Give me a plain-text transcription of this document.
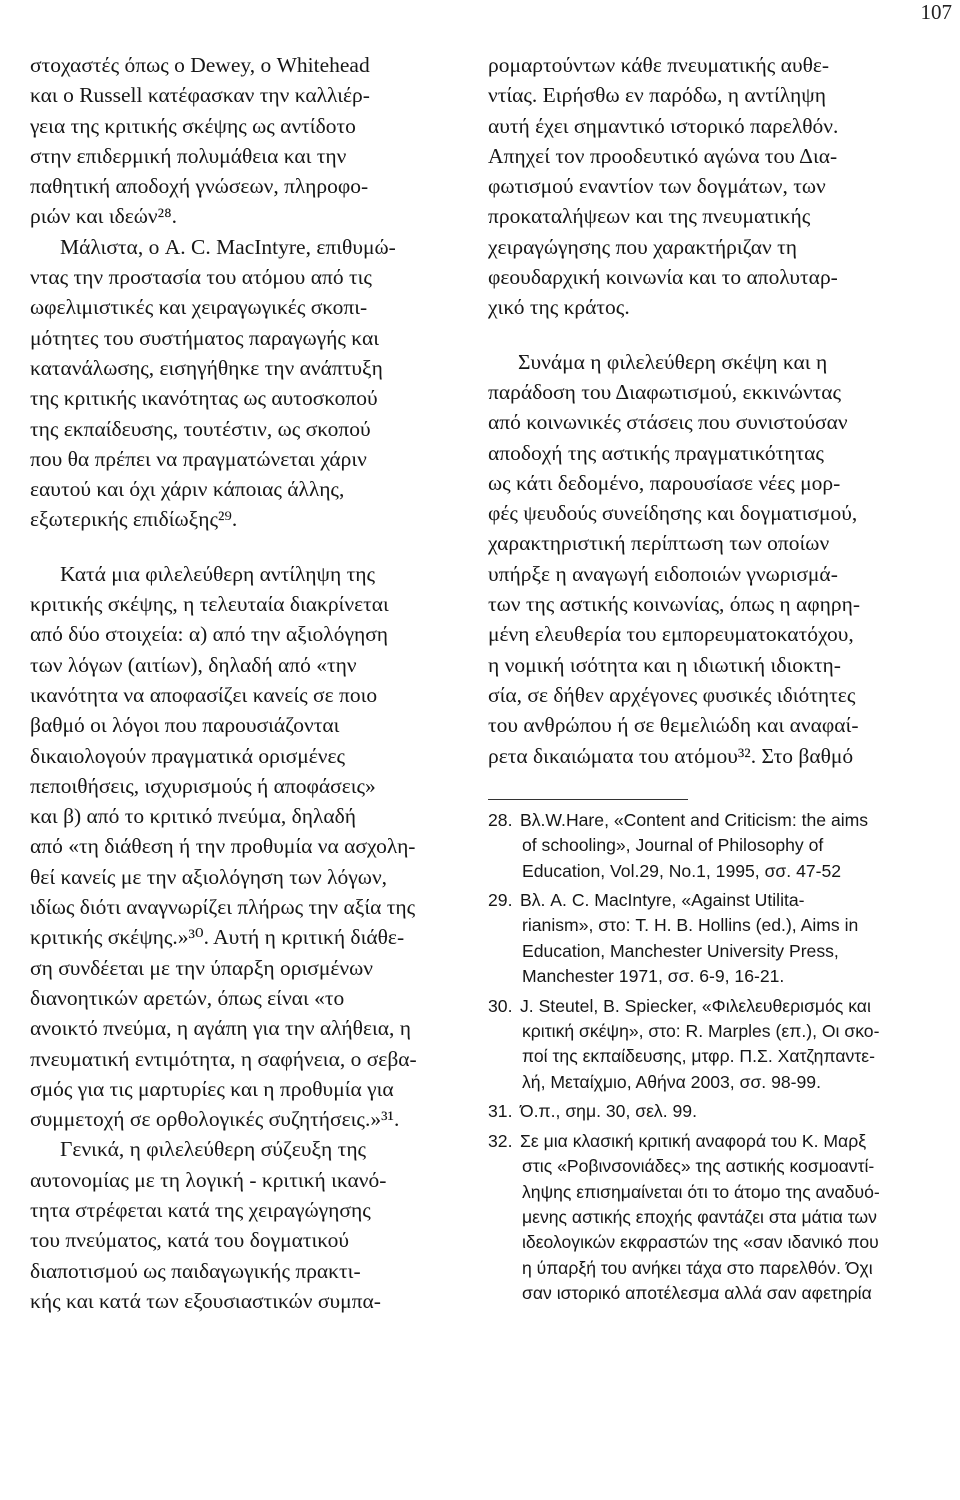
107
στοχαστές όπως ο Dewey, ο Whitehead
και ο Russell κατέφασκαν την καλλιέρ-
γεια της κριτικής σκέψης ως αντίδοτο
στην επιδερμική πολυμάθεια και την
παθητική αποδοχή γνώσεων, πληροφο-
ριών και ιδεών²⁸.
Μάλιστα, ο A. C. MacIntyre, επιθυμώ-
ντας την προστασία του ατόμου από τις
ωφελιμιστικές και χειραγωγικές σκοπι-
μότητες του συστήματος παραγωγής και
κατανάλωσης, εισηγήθηκε την ανάπτυξη
της κριτικής ικανότητας ως αυτοσκοπού
της εκπαίδευσης, τουτέστιν, ως σκοπού
που θα πρέπει να πραγματώνεται χάριν
εαυτού και όχι χάριν κάποιας άλλης,
εξωτερικής επιδίωξης²⁹.
Κατά μια φιλελεύθερη αντίληψη της
κριτικής σκέψης, η τελευταία διακρίνεται
από δύο στοιχεία: α) από την αξιολόγηση
των λόγων (αιτίων), δηλαδή από «την
ικανότητα να αποφασίζει κανείς σε ποιο
βαθμό οι λόγοι που παρουσιάζονται
δικαιολογούν πραγματικά ορισμένες
πεποιθήσεις, ισχυρισμούς ή αποφάσεις»
και β) από το κριτικό πνεύμα, δηλαδή
από «τη διάθεση ή την προθυμία να ασχολη-
θεί κανείς με την αξιολόγηση των λόγων,
ιδίως διότι αναγνωρίζει πλήρως την αξία της
κριτικής σκέψης.»³⁰. Αυτή η κριτική διάθε-
ση συνδέεται με την ύπαρξη ορισμένων
διανοητικών αρετών, όπως είναι «το
ανοικτό πνεύμα, η αγάπη για την αλήθεια, η
πνευματική εντιμότητα, η σαφήνεια, ο σεβα-
σμός για τις μαρτυρίες και η προθυμία για
συμμετοχή σε ορθολογικές συζητήσεις.»³¹.
Γενικά, η φιλελεύθερη σύζευξη της
αυτονομίας με τη λογική - κριτική ικανό-
τητα στρέφεται κατά της χειραγώγησης
του πνεύματος, κατά του δογματικού
διαποτισμού ως παιδαγωγικής πρακτι-
κής και κατά των εξουσιαστικών συμπα-
ρομαρτούντων κάθε πνευματικής αυθε-
ντίας. Ειρήσθω εν παρόδω, η αντίληψη
αυτή έχει σημαντικό ιστορικό παρελθόν.
Απηχεί τον προοδευτικό αγώνα του Δια-
φωτισμού εναντίον των δογμάτων, των
προκαταλήψεων και της πνευματικής
χειραγώγησης που χαρακτήριζαν τη
φεουδαρχική κοινωνία και το απολυταρ-
χικό της κράτος.
Συνάμα η φιλελεύθερη σκέψη και η
παράδοση του Διαφωτισμού, εκκινώντας
από κοινωνικές στάσεις που συνιστούσαν
αποδοχή της αστικής πραγματικότητας
ως κάτι δεδομένο, παρουσίασε νέες μορ-
φές ψευδούς συνείδησης και δογματισμού,
χαρακτηριστική περίπτωση των οποίων
υπήρξε η αναγωγή ειδοποιών γνωρισμά-
των της αστικής κοινωνίας, όπως η αφηρη-
μένη ελευθερία του εμπορευματοκατόχου,
η νομική ισότητα και η ιδιωτική ιδιοκτη-
σία, σε δήθεν αρχέγονες φυσικές ιδιότητες
του ανθρώπου ή σε θεμελιώδη και αναφαί-
ρετα δικαιώματα του ατόμου³². Στο βαθμό
28. Βλ.W.Hare, «Content and Criticism: the aims
of schooling», Journal of Philosophy of
Education, Vol.29, No.1, 1995, σσ. 47-52
29. Βλ. A. C. MacIntyre, «Against Utilita-
rianism», στο: T. H. B. Hollins (ed.), Aims in
Education, Manchester University Press,
Manchester 1971, σσ. 6-9, 16-21.
30. J. Steutel, B. Spiecker, «Φιλελευθερισμός και
κριτική σκέψη», στο: R. Marples (επ.), Οι σκο-
ποί της εκπαίδευσης, μτφρ. Π.Σ. Χατζηπαντε-
λή, Μεταίχμιο, Αθήνα 2003, σσ. 98-99.
31. Ό.π., σημ. 30, σελ. 99.
32. Σε μια κλασική κριτική αναφορά του Κ. Μαρξ
στις «Ροβινσονιάδες» της αστικής κοσμοαντί-
ληψης επισημαίνεται ότι το άτομο της αναδυό-
μενης αστικής εποχής φαντάζει στα μάτια των
ιδεολογικών εκφραστών της «σαν ιδανικό που
η ύπαρξή του ανήκει τάχα στο παρελθόν. Όχι
σαν ιστορικό αποτέλεσμα αλλά σαν αφετηρία
